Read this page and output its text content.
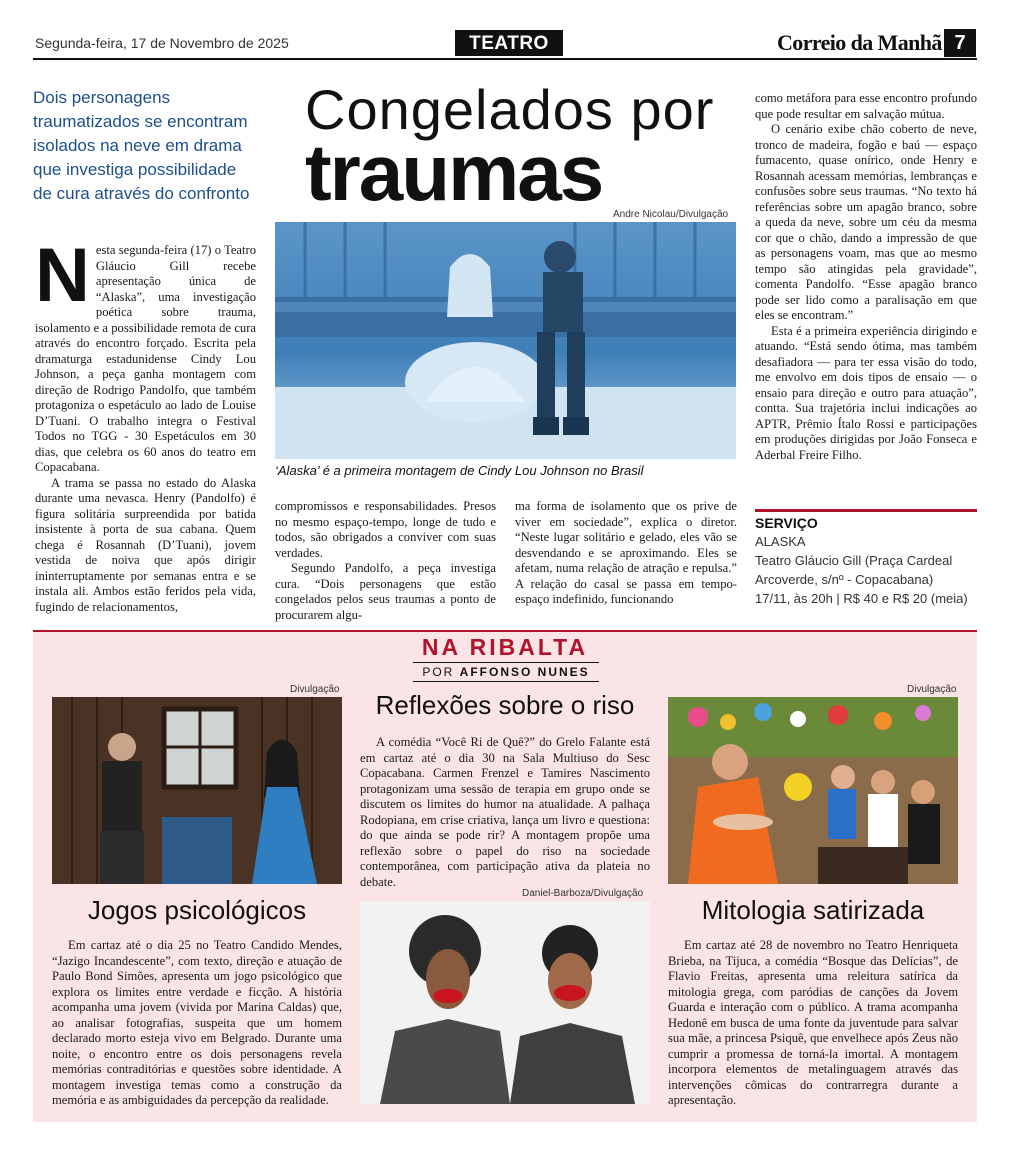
Segunda-feira, 17 de Novembro de 2025	TEATRO	Correio da Manhã 7
Dois personagens traumatizados se encontram isolados na neve em drama que investiga possibilidade de cura através do confronto
Congelados por
traumas Andre Nicolau/Divulgação
‘Alaska’ é a primeira montagem de Cindy Lou Johnson no Brasil
N esta segunda-feira (17) o Teatro Gláucio Gill recebe apresentação única de “Alaska”, uma investigação poética sobre trauma, isolamento e a possibilidade remota de cura através do encontro forçado. Escrita pela dramaturga estadunidense Cindy Lou Johnson, a peça ganha montagem com direção de Rodrigo Pandolfo, que também protagoniza o espetáculo ao lado de Louise D’Tuani. O trabalho integra o Festival Todos no TGG - 30 Espetáculos em 30 dias, que celebra os 60 anos do teatro em Copacabana.

A trama se passa no estado do Alaska durante uma nevasca. Henry (Pandolfo) é figura solitária surpreendida por batida insistente à porta de sua cabana. Quem chega é Rosannah (D’Tuani), jovem vestida de noiva que após dirigir ininterruptamente por semanas entra e se instala ali. Ambos estão feridos pela vida, fugindo de relacionamentos,

compromissos e responsabilidades. Presos no mesmo espaço-tempo, longe de tudo e todos, são obrigados a conviver com suas verdades.

Segundo Pandolfo, a peça investiga cura. “Dois personagens que estão congelados pelos seus traumas a ponto de procurarem algu-

ma forma de isolamento que os prive de viver em sociedade”, explica o diretor. “Neste lugar solitário e gelado, eles vão se desvendando e se aproximando. Eles se afetam, numa relação de atração e repulsa.” A relação do casal se passa em tempo-espaço indefinido, funcionando

como metáfora para esse encontro profundo que pode resultar em salvação mútua.

O cenário exibe chão coberto de neve, tronco de madeira, fogão e baú — espaço fumacento, quase onírico, onde Henry e Rosannah acessam memórias, lembranças e confusões sobre seus traumas. “No texto há referências sobre um apagão branco, sobre a queda da neve, sobre um céu da mesma cor que o chão, dando a impressão de que as personagens voam, mas que ao mesmo tempo são atingidas pela gravidade”, comenta Pandolfo. “Esse apagão branco pode ser lido como a paralisação em que eles se encontram.”

Esta é a primeira experiência dirigindo e atuando. “Está sendo ótima, mas também desafiadora — para ter essa visão do todo, me envolvo em dois tipos de ensaio — o ensaio para direção e outro para atuação”, contta. Sua trajetória inclui indicações ao APTR, Prêmio Ítalo Rossi e participações em produções dirigidas por João Fonseca e Aderbal Freire Filho.

SERVIÇO
ALASKA
Teatro Gláucio Gill (Praça Cardeal Arcoverde, s/nº - Copacabana)
17/11, às 20h | R$ 40 e R$ 20 (meia)
NA RIBALTA
POR AFFONSO NUNES
Divulgação
Jogos psicológicos

Em cartaz até o dia 25 no Teatro Candido Mendes, “Jazigo Incandescente”, com texto, direção e atuação de Paulo Bond Simões, apresenta um jogo psicológico que explora os limites entre verdade e ficção. A história acompanha uma jovem (vivida por Marina Caldas) que, ao analisar fotografias, suspeita que um homem declarado morto esteja vivo em Belgrado. Durante uma noite, o encontro entre os dois personagens revela memórias contraditórias e questões sobre identidade. A montagem investiga temas como a construção da memória e as ambiguidades da percepção da realidade.

Reflexões sobre o riso

A comédia “Você Ri de Quê?” do Grelo Falante está em cartaz até o dia 30 na Sala Multiuso do Sesc Copacabana. Carmen Frenzel e Tamires Nascimento protagonizam uma sessão de terapia em grupo onde se discutem os limites do humor na atualidade. A palhaça Rodopiana, em crise criativa, lança um livro e questiona: do que ainda se pode rir? A montagem propõe uma reflexão sobre o papel do riso na sociedade contemporânea, com participação ativa da plateia no debate.

Daniel-Barboza/Divulgação
Divulgação
Mitologia satirizada

Em cartaz até 28 de novembro no Teatro Henriqueta Brieba, na Tijuca, a comédia “Bosque das Delícias”, de Flavio Freitas, apresenta uma releitura satírica da mitologia grega, com paródias de canções da Jovem Guarda e interação com o público. A trama acompanha Hedonê em busca de uma fonte da juventude para salvar sua mãe, a princesa Psiquê, que envelhece após Zeus não cumprir a promessa de torná-la imortal. A montagem incorpora elementos de metalinguagem através das intervenções cômicas do contrarregra durante a apresentação.
